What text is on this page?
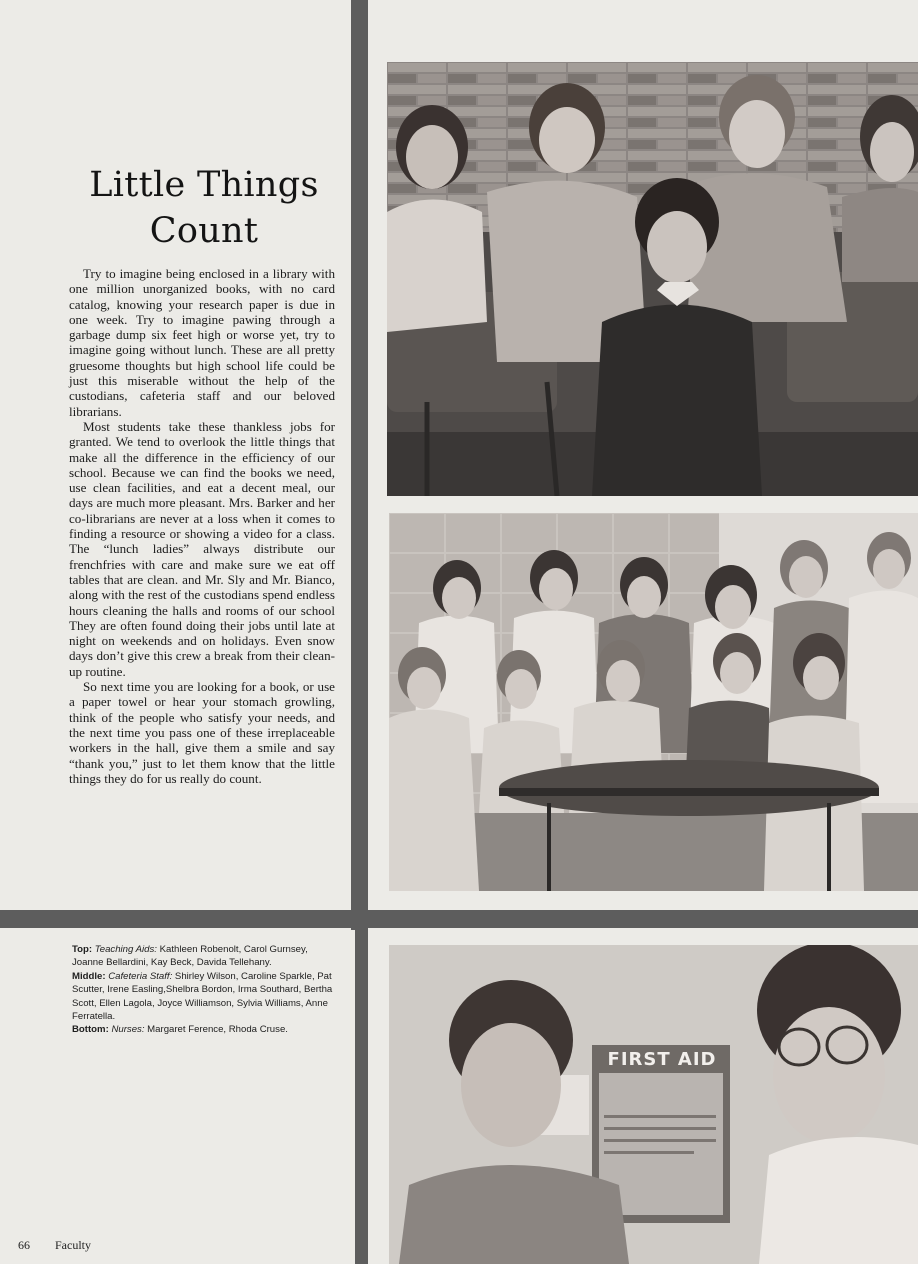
Little Things
Count

Try to imagine being enclosed in a library with one million unorganized books, with no card catalog, knowing your research paper is due in one week. Try to imagine pawing through a garbage dump six feet high or worse yet, try to imagine going without lunch. These are all pretty gruesome thoughts but high school life could be just this miserable without the help of the custodians, cafeteria staff and our beloved librarians.

Most students take these thankless jobs for granted. We tend to overlook the little things that make all the difference in the efficiency of our school. Because we can find the books we need, use clean facilities, and eat a decent meal, our days are much more pleasant. Mrs. Barker and her co-librarians are never at a loss when it comes to finding a resource or showing a video for a class. The “lunch ladies” always distribute our frenchfries with care and make sure we eat off tables that are clean. and Mr. Sly and Mr. Bianco, along with the rest of the custodians spend endless hours cleaning the halls and rooms of our school They are often found doing their jobs until late at night on weekends and on holidays. Even snow days don’t give this crew a break from their clean-up routine.

So next time you are looking for a book, or use a paper towel or hear your stomach growling, think of the people who satisfy your needs, and the next time you pass one of these irreplaceable workers in the hall, give them a smile and say “thank you,” just to let them know that the little things they do for us really do count.

FIRST AID

Top: Teaching Aids: Kathleen Robenolt, Carol Gurnsey, Joanne Bellardini, Kay Beck, Davida Tellehany.

Middle: Cafeteria Staff: Shirley Wilson, Caroline Sparkle, Pat Scutter, Irene Easling,Shelbra Bordon, Irma Southard, Bertha Scott, Ellen Lagola, Joyce Williamson, Sylvia Williams, Anne Ferratella.

Bottom: Nurses: Margaret Ference, Rhoda Cruse.

66 Faculty
